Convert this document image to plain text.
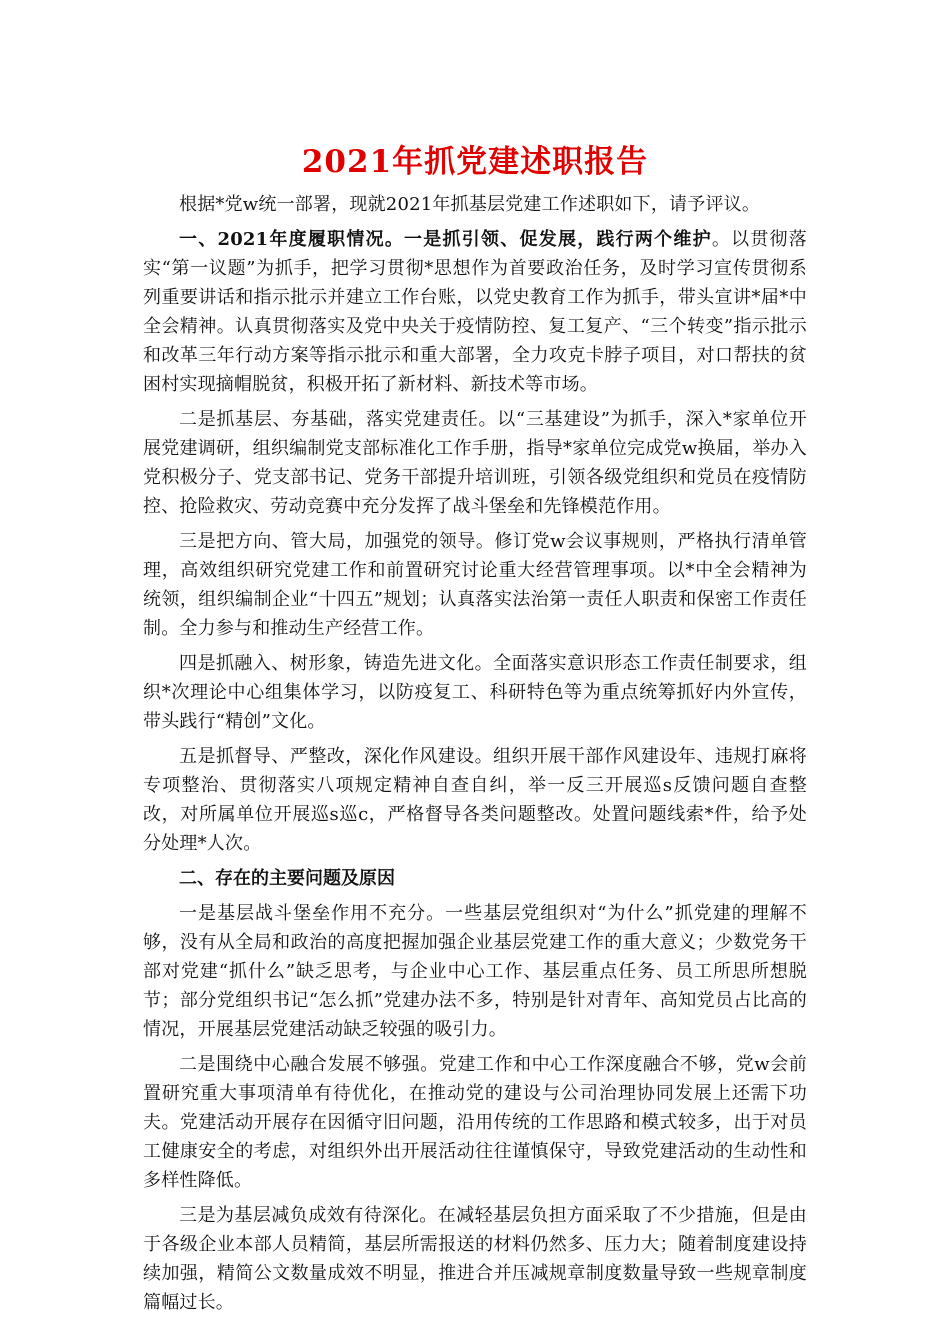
2021年抓党建述职报告

根据*党w统一部署，现就2021年抓基层党建工作述职如下，请予评议。

一、2021年度履职情况。一是抓引领、促发展，践行两个维护。以贯彻落实“第一议题”为抓手，把学习贯彻*思想作为首要政治任务，及时学习宣传贯彻系列重要讲话和指示批示并建立工作台账，以党史教育工作为抓手，带头宣讲*届*中全会精神。认真贯彻落实及党中央关于疫情防控、复工复产、“三个转变”指示批示和改革三年行动方案等指示批示和重大部署，全力攻克卡脖子项目，对口帮扶的贫困村实现摘帽脱贫，积极开拓了新材料、新技术等市场。

二是抓基层、夯基础，落实党建责任。以“三基建设”为抓手，深入*家单位开展党建调研，组织编制党支部标准化工作手册，指导*家单位完成党w换届，举办入党积极分子、党支部书记、党务干部提升培训班，引领各级党组织和党员在疫情防控、抢险救灾、劳动竞赛中充分发挥了战斗堡垒和先锋模范作用。

三是把方向、管大局，加强党的领导。修订党w会议事规则，严格执行清单管理，高效组织研究党建工作和前置研究讨论重大经营管理事项。以*中全会精神为统领，组织编制企业“十四五”规划；认真落实法治第一责任人职责和保密工作责任制。全力参与和推动生产经营工作。

四是抓融入、树形象，铸造先进文化。全面落实意识形态工作责任制要求，组织*次理论中心组集体学习，以防疫复工、科研特色等为重点统筹抓好内外宣传，带头践行“精创”文化。

五是抓督导、严整改，深化作风建设。组织开展干部作风建设年、违规打麻将专项整治、贯彻落实八项规定精神自查自纠，举一反三开展巡s反馈问题自查整改，对所属单位开展巡s巡c，严格督导各类问题整改。处置问题线索*件，给予处分处理*人次。

二、存在的主要问题及原因

一是基层战斗堡垒作用不充分。一些基层党组织对“为什么”抓党建的理解不够，没有从全局和政治的高度把握加强企业基层党建工作的重大意义；少数党务干部对党建“抓什么”缺乏思考，与企业中心工作、基层重点任务、员工所思所想脱节；部分党组织书记“怎么抓”党建办法不多，特别是针对青年、高知党员占比高的情况，开展基层党建活动缺乏较强的吸引力。

二是围绕中心融合发展不够强。党建工作和中心工作深度融合不够，党w会前置研究重大事项清单有待优化，在推动党的建设与公司治理协同发展上还需下功夫。党建活动开展存在因循守旧问题，沿用传统的工作思路和模式较多，出于对员工健康安全的考虑，对组织外出开展活动往往谨慎保守，导致党建活动的生动性和多样性降低。

三是为基层减负成效有待深化。在减轻基层负担方面采取了不少措施，但是由于各级企业本部人员精简，基层所需报送的材料仍然多、压力大；随着制度建设持续加强，精简公文数量成效不明显，推进合并压减规章制度数量导致一些规章制度篇幅过长。
